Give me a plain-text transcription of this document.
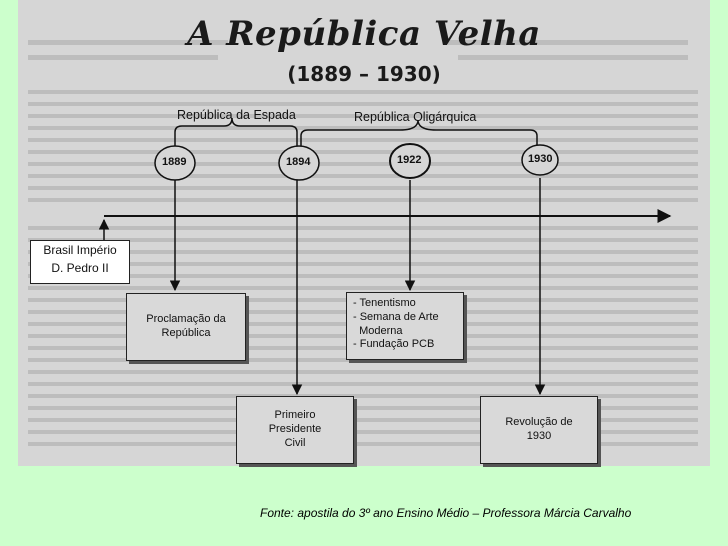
A República Velha
(1889 – 1930)
República da Espada	República Oligárquica
1889	1894	1922	1930
Proclamação da República
- Tenentismo
- Semana de Arte
Moderna
- Fundação PCB
Primeiro Presidente Civil
Revolução de 1930
Brasil Império
D. Pedro II
Fonte: apostila do 3º ano Ensino Médio – Professora Márcia Carvalho
